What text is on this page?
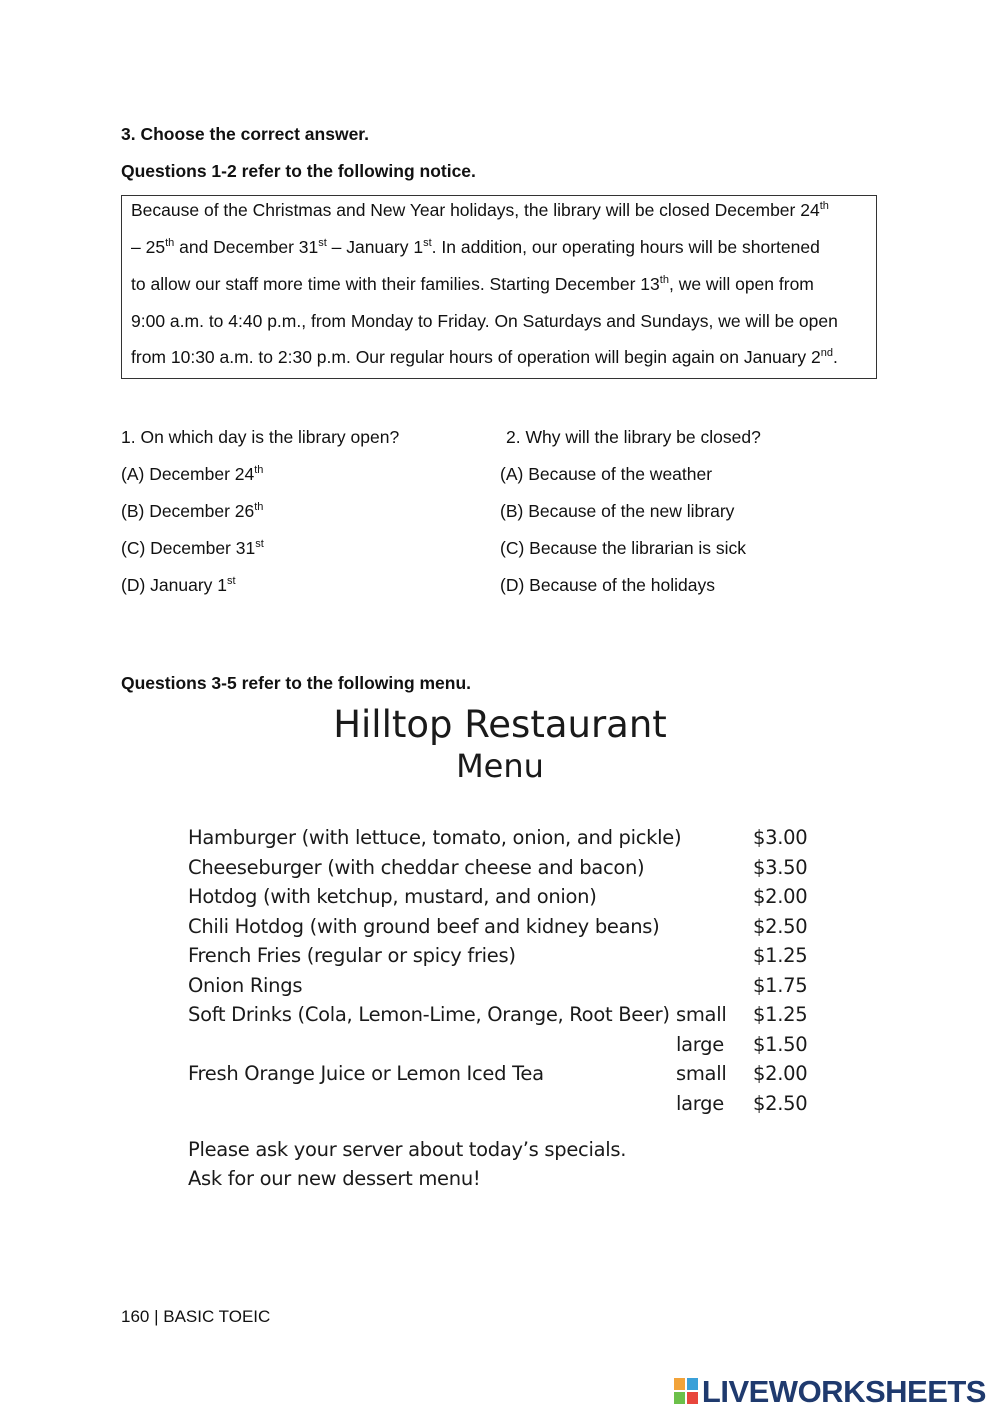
3. Choose the correct answer.
Questions 1-2 refer to the following notice.
Because of the Christmas and New Year holidays, the library will be closed December 24th
– 25th and December 31st – January 1st. In addition, our operating hours will be shortened
to allow our staff more time with their families. Starting December 13th, we will open from
9:00 a.m. to 4:40 p.m., from Monday to Friday. On Saturdays and Sundays, we will be open
from 10:30 a.m. to 2:30 p.m. Our regular hours of operation will begin again on January 2nd.
1. On which day is the library open?
(A) December 24th
(B) December 26th
(C) December 31st
(D) January 1st
2. Why will the library be closed?
(A) Because of the weather
(B) Because of the new library
(C) Because the librarian is sick
(D) Because of the holidays
Questions 3-5 refer to the following menu.
Hilltop Restaurant
Menu
Hamburger (with lettuce, tomato, onion, and pickle)	$3.00
Cheeseburger (with cheddar cheese and bacon)	$3.50
Hotdog (with ketchup, mustard, and onion)	$2.00
Chili Hotdog (with ground beef and kidney beans)	$2.50
French Fries (regular or spicy fries)	$1.25
Onion Rings	$1.75
Soft Drinks (Cola, Lemon-Lime, Orange, Root Beer) small $1.25
large $1.50
Fresh Orange Juice or Lemon Iced Tea	small $2.00
large $2.50
Please ask your server about today’s specials.
Ask for our new dessert menu!
160 | BASIC TOEIC
LIVEWORKSHEETS
